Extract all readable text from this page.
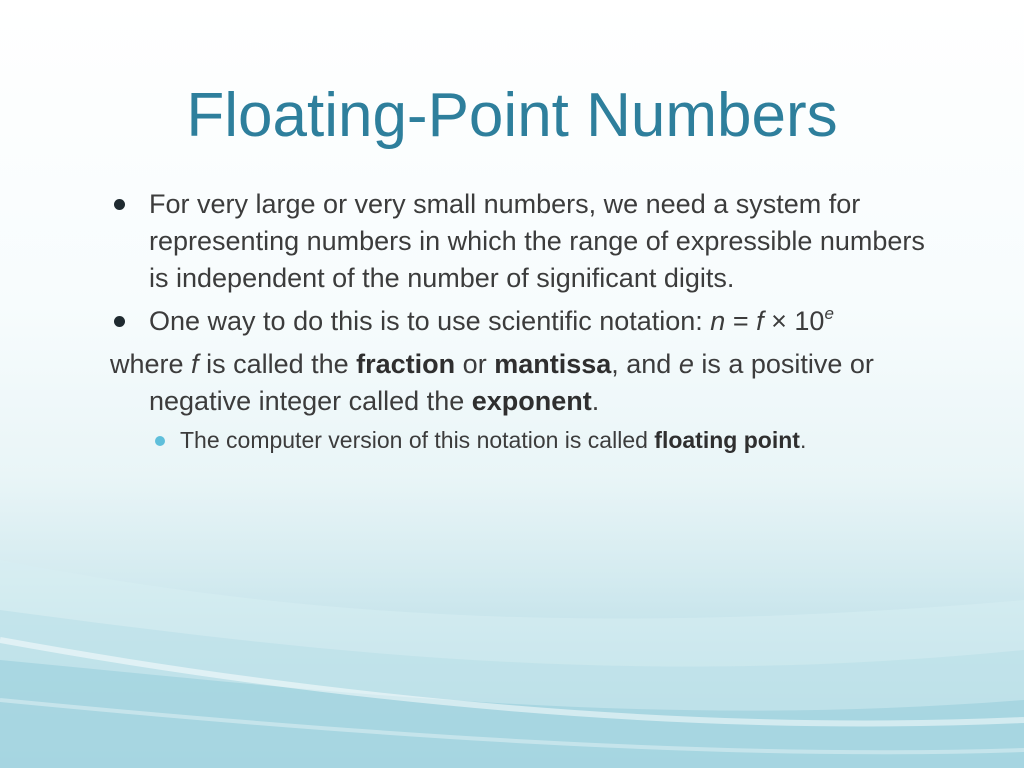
Floating-Point Numbers
For very large or very small numbers, we need a system for representing numbers in which the range of expressible numbers is independent of the number of significant digits.
One way to do this is to use scientific notation: $n = f \times 10^e$
where f is called the fraction or mantissa, and e is a positive or negative integer called the exponent.
The computer version of this notation is called floating point.
